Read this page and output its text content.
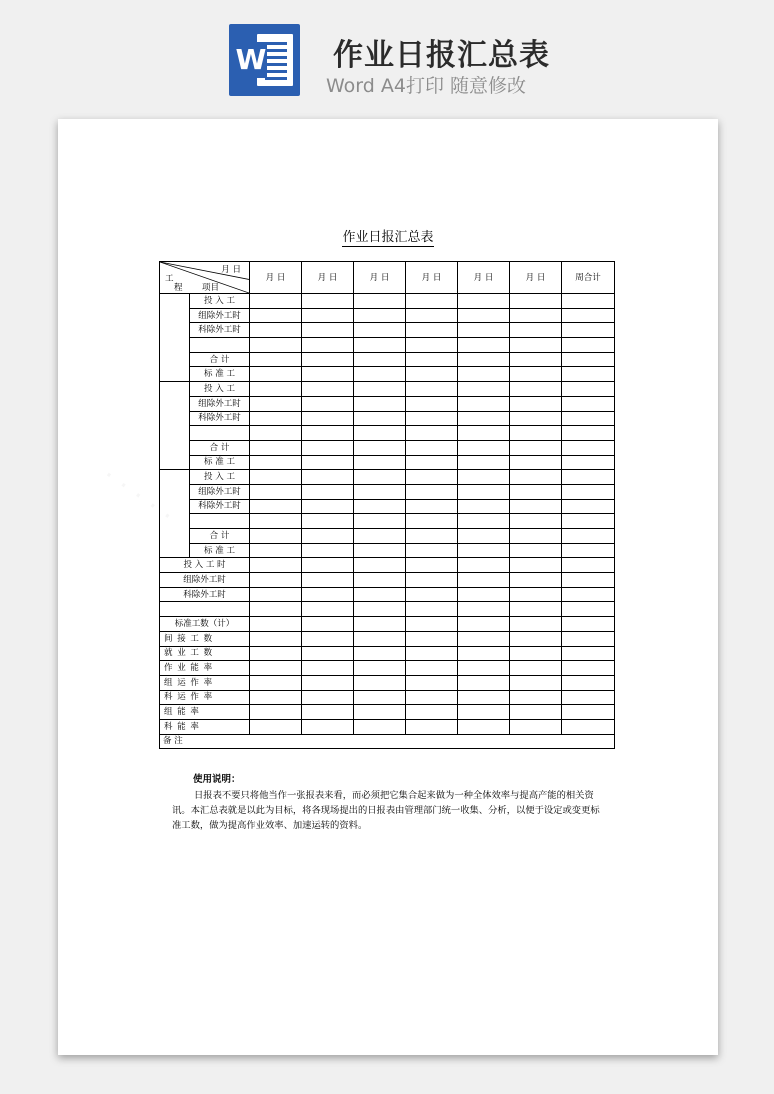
W 作业日报汇总表
Word A4打印 随意修改
作业日报汇总表
月 日
工
程 项目		月 日	月 日	月 日	月 日	月 日	月 日	周合计
	投 入 工							
	组除外工时							
	科除外工时							

	合 计							
	标 准 工							
	投 入 工							
	组除外工时							
	科除外工时							

	合 计							
	标 准 工							
	投 入 工							
	组除外工时							
	科除外工时							

	合 计							
	标 准 工							
投 入 工 时								
组除外工时								
科除外工时								

标准工数（计）								
间 接 工 数								
就 业 工 数								
作 业 能 率								
组 运 作 率								
科 运 作 率								
组 能 率								
科 能 率								
备 注								
使用说明：
日报表不要只将他当作一张报表来看，而必须把它集合起来做为一种全体效率与提高产能的相关资讯。本汇总表就是以此为目标，将各现场提出的日报表由管理部门统一收集、分析，以便于设定或变更标准工数，做为提高作业效率、加速运转的资料。
